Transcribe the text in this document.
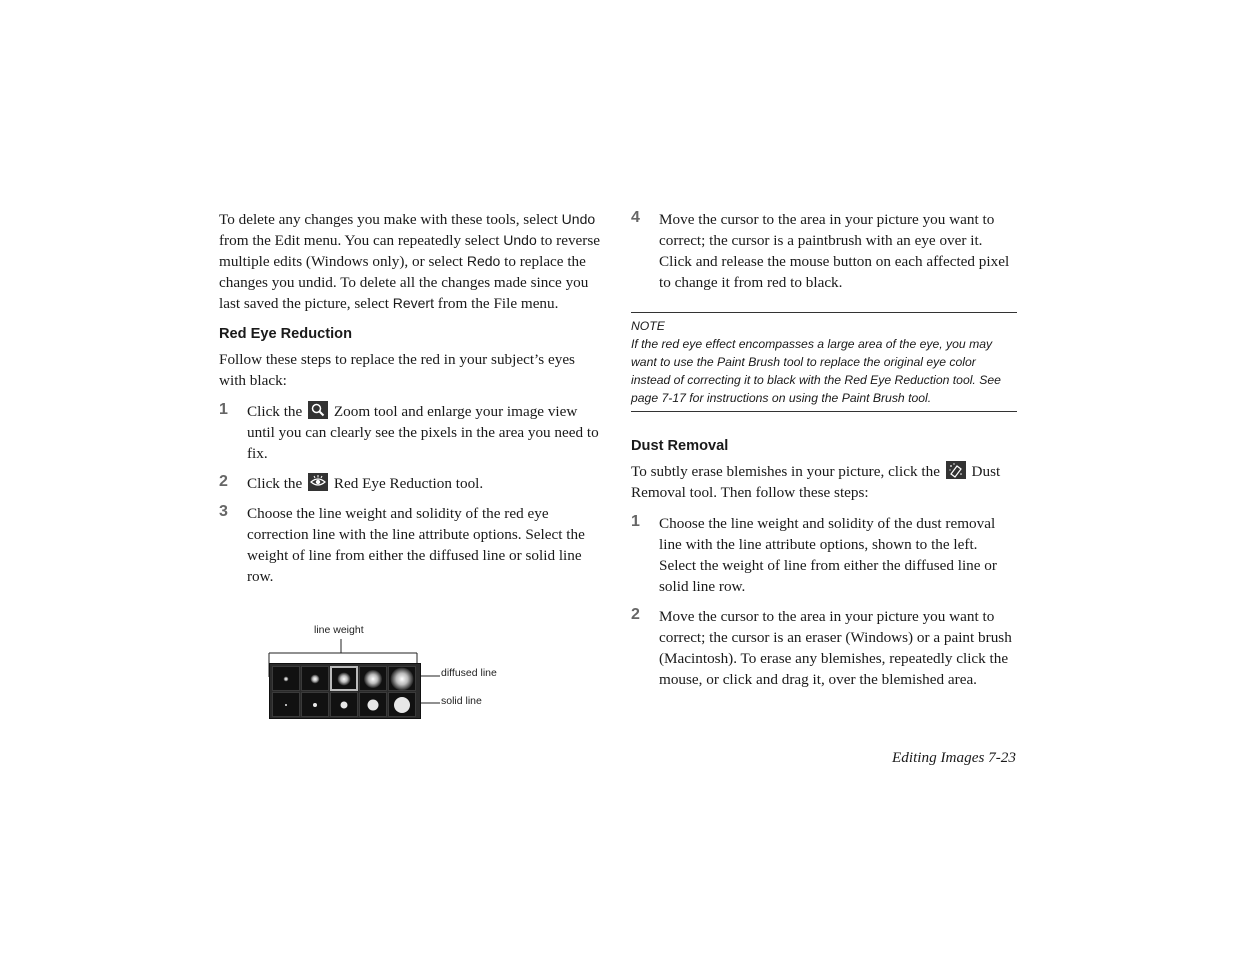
To delete any changes you make with these tools, select Undo from the Edit menu. You can repeatedly select Undo to reverse multiple edits (Windows only), or select Redo to replace the changes you undid. To delete all the changes made since you last saved the picture, select Revert from the File menu.

Red Eye Reduction

Follow these steps to replace the red in your subject’s eyes with black:

1 Click the  Zoom tool and enlarge your image view until you can clearly see the pixels in the area you need to fix.
2 Click the  Red Eye Reduction tool.
3 Choose the line weight and solidity of the red eye correction line with the line attribute options. Select the weight of line from either the diffused line or solid line row.
line weight
diffused line
solid line
4 Move the cursor to the area in your picture you want to correct; the cursor is a paintbrush with an eye over it. Click and release the mouse button on each affected pixel to change it from red to black.
NOTE
If the red eye effect encompasses a large area of the eye, you may want to use the Paint Brush tool to replace the original eye color instead of correcting it to black with the Red Eye Reduction tool. See page 7-17 for instructions on using the Paint Brush tool.
Dust Removal

To subtly erase blemishes in your picture, click the  Dust Removal tool. Then follow these steps:

1 Choose the line weight and solidity of the dust removal line with the line attribute options, shown to the left. Select the weight of line from either the diffused line or solid line row.
2 Move the cursor to the area in your picture you want to correct; the cursor is an eraser (Windows) or a paint brush (Macintosh). To erase any blemishes, repeatedly click the mouse, or click and drag it, over the blemished area.
Editing Images 7-23
